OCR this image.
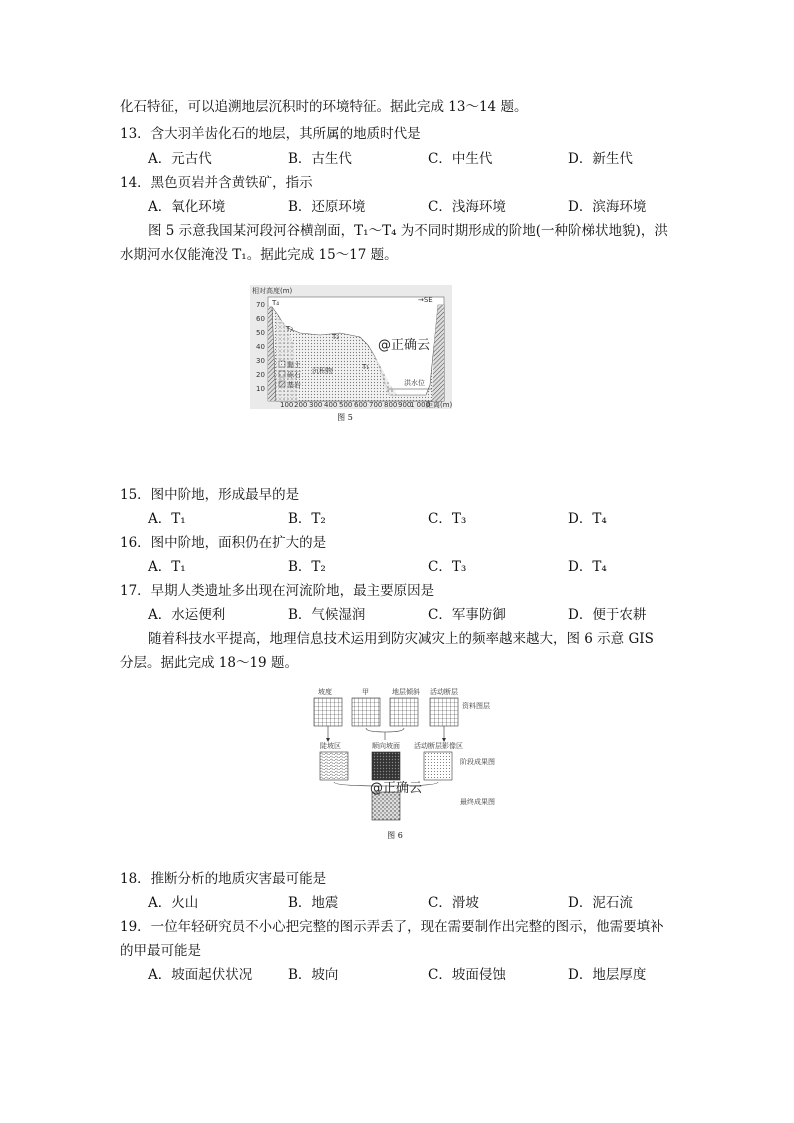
化石特征，可以追溯地层沉积时的环境特征。据此完成 13～14 题。
13．含大羽羊齿化石的地层，其所属的地质时代是
A．元古代	B．古生代	C．中生代	D．新生代
14．黑色页岩并含黄铁矿，指示
A．氧化环境	B．还原环境	C．浅海环境	D．滨海环境
图 5 示意我国某河段河谷横剖面，T₁～T₄ 为不同时期形成的阶地(一种阶梯状地貌)，洪
水期河水仅能淹没 T₁。据此完成 15～17 题。
相对高度(m)
→SE
70
60
50
40
30
20
10
100 200 300 400 500 600 700 800 900
1 000
距离(m)
T₄
T₃
T₂
T₁
洪水位
沉积物
黏土
砾石
基岩
@正确云
图 5
15．图中阶地，形成最早的是
A．T₁	B．T₂	C．T₃	D．T₄
16．图中阶地，面积仍在扩大的是
A．T₁	B．T₂	C．T₃	D．T₄
17．早期人类遗址多出现在河流阶地，最主要原因是
A．水运便利	B．气候湿润	C．军事防御	D．便于农耕
随着科技水平提高，地理信息技术运用到防灾减灾上的频率越来越大，图 6 示意 GIS
分层。据此完成 18～19 题。
坡度	甲	地层倾斜 活动断层
资料图层
陡坡区	顺向坡面 活动断层影像区
阶段成果图
最终成果图
@正确云
图 6
18．推断分析的地质灾害最可能是
A．火山	B．地震	C．滑坡	D．泥石流
19．一位年轻研究员不小心把完整的图示弄丢了，现在需要制作出完整的图示，他需要填补
的甲最可能是
A．坡面起伏状况	B．坡向	C．坡面侵蚀	D．地层厚度
